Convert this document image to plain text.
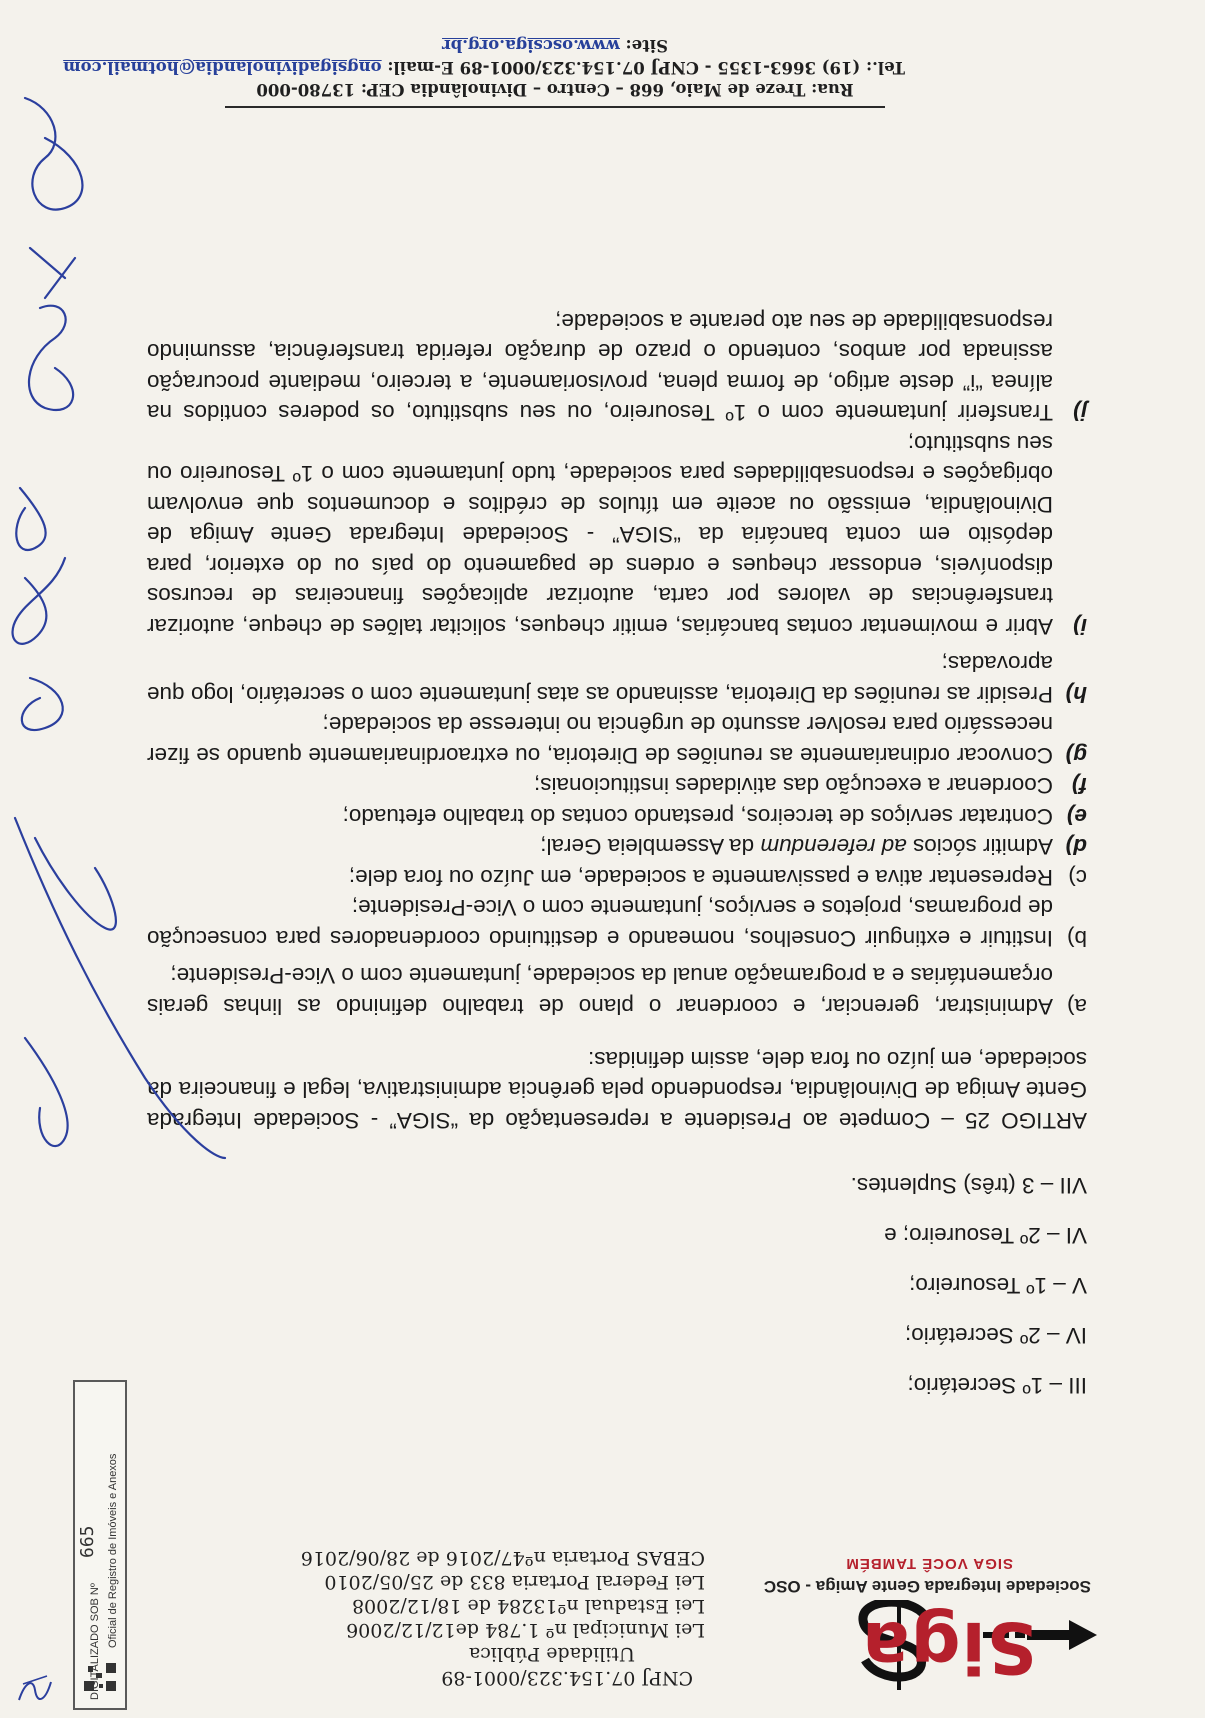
Siga
Sociedade Integrada Gente Amiga - OSC
SIGA VOCÊ TAMBÉM
CNPJ 07.154.323/0001-89
Utilidade Pública
Lei Municipal nº 1.784 de12/12/2006
Lei Estadual nº13284 de 18/12/2008
Lei Federal Portaria 833 de 25/05/2010
CEBAS Portaria nº47/2016 de 28/06/2016
DIGITALIZADO SOB Nº Oficial de Registro de Imóveis e Anexos
665

III – 1º Secretário;

IV – 2º Secretário;

V – 1º Tesoureiro;

VI – 2º Tesoureiro; e

VII – 3 (três) Suplentes.

ARTIGO 25 – Compete ao Presidente a representação da “SIGA” - Sociedade Integrada Gente Amiga de Divinolândia, respondendo pela gerência administrativa, legal e financeira da sociedade, em juízo ou fora dele, assim definidas:

a)
Administrar, gerenciar, e coordenar o plano de trabalho definindo as linhas gerais orçamentárias e a programação anual da sociedade, juntamente com o Vice-Presidente;
b)
Instituir e extinguir Conselhos, nomeando e destituindo coordenadores para consecução de programas, projetos e serviços, juntamente com o Vice-Presidente;
c)
Representar ativa e passivamente a sociedade, em Juízo ou fora dele;
d)
Admitir sócios ad referendum da Assembleia Geral;
e)
Contratar serviços de terceiros, prestando contas do trabalho efetuado;
f)
Coordenar a execução das atividades institucionais;
g)
Convocar ordinariamente as reuniões de Diretoria, ou extraordinariamente quando se fizer necessário para resolver assunto de urgência no interesse da sociedade;
h)
Presidir as reuniões da Diretoria, assinando as atas juntamente com o secretário, logo que aprovadas;
i)
Abrir e movimentar contas bancárias, emitir cheques, solicitar talões de cheque, autorizar transferências de valores por carta, autorizar aplicações financeiras de recursos disponíveis, endossar cheques e ordens de pagamento do país ou do exterior, para depósito em conta bancária da “SIGA” - Sociedade Integrada Gente Amiga de Divinolândia, emissão ou aceite em títulos de créditos e documentos que envolvam obrigações e responsabilidades para sociedade, tudo juntamente com o 1º Tesoureiro ou seu substituto;
j)
Transferir juntamente com o 1º Tesoureiro, ou seu substituto, os poderes contidos na alínea “i” deste artigo, de forma plena, provisoriamente, a terceiro, mediante procuração assinada por ambos, contendo o prazo de duração referida transferência, assumindo responsabilidade de seu ato perante a sociedade;
Rua: Treze de Maio, 668 – Centro – Divinolândia CEP: 13780-000
Tel.: (19) 3663-1355 - CNPJ 07.154.323/0001-89 E-mail: ongsigadivinolandia@hotmail.com
Site: www.oscsiga.org.br
